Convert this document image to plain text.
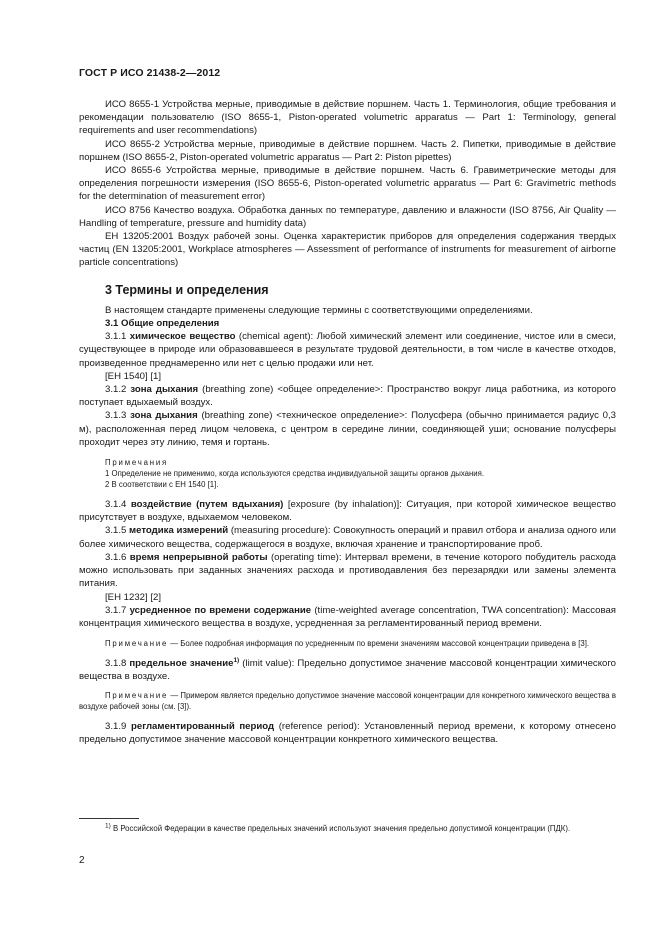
ГОСТ Р ИСО 21438-2—2012

ИСО 8655-1 Устройства мерные, приводимые в действие поршнем. Часть 1. Терминология, общие требования и рекомендации пользователю (ISO 8655-1, Piston-operated volumetric apparatus — Part 1: Terminology, general requirements and user recommendations)

ИСО 8655-2 Устройства мерные, приводимые в действие поршнем. Часть 2. Пипетки, приводимые в действие поршнем (ISO 8655-2, Piston-operated volumetric apparatus — Part 2: Piston pipettes)

ИСО 8655-6 Устройства мерные, приводимые в действие поршнем. Часть 6. Гравиметрические методы для определения погрешности измерения (ISO 8655-6, Piston-operated volumetric apparatus — Part 6: Gravimetric methods for the determination of measurement error)

ИСО 8756 Качество воздуха. Обработка данных по температуре, давлению и влажности (ISO 8756, Air Quality — Handling of temperature, pressure and humidity data)

ЕН 13205:2001 Воздух рабочей зоны. Оценка характеристик приборов для определения содержания твердых частиц (EN 13205:2001, Workplace atmospheres — Assessment of performance of instruments for measurement of airborne particle concentrations)

3 Термины и определения

В настоящем стандарте применены следующие термины с соответствующими определениями.

3.1 Общие определения

3.1.1 химическое вещество (chemical agent): Любой химический элемент или соединение, чистое или в смеси, существующее в природе или образовавшееся в результате трудовой деятельности, в том числе в качестве отходов, произведенное преднамеренно или нет с целью продажи или нет.

[ЕН 1540] [1]

3.1.2 зона дыхания (breathing zone) <общее определение>: Пространство вокруг лица работника, из которого поступает вдыхаемый воздух.

3.1.3 зона дыхания (breathing zone) <техническое определение>: Полусфера (обычно принимается радиус 0,3 м), расположенная перед лицом человека, с центром в середине линии, соединяющей уши; основание полусферы проходит через эту линию, темя и гортань.

Примечания

1 Определение не применимо, когда используются средства индивидуальной защиты органов дыхания.

2 В соответствии с ЕН 1540 [1].

3.1.4 воздействие (путем вдыхания) [exposure (by inhalation)]: Ситуация, при которой химическое вещество присутствует в воздухе, вдыхаемом человеком.

3.1.5 методика измерений (measuring procedure): Совокупность операций и правил отбора и анализа одного или более химического вещества, содержащегося в воздухе, включая хранение и транспортирование проб.

3.1.6 время непрерывной работы (operating time): Интервал времени, в течение которого побудитель расхода можно использовать при заданных значениях расхода и противодавления без перезарядки или замены элемента питания.

[ЕН 1232] [2]

3.1.7 усредненное по времени содержание (time-weighted average concentration, TWA concentration): Массовая концентрация химического вещества в воздухе, усредненная за регламентированный период времени.

Примечание — Более подробная информация по усредненным по времени значениям массовой концентрации приведена в [3].

3.1.8 предельное значение$^{1)}$ (limit value): Предельно допустимое значение массовой концентрации химического вещества в воздухе.

Примечание — Примером является предельно допустимое значение массовой концентрации для конкретного химического вещества в воздухе рабочей зоны (см. [3]).

3.1.9 регламентированный период (reference period): Установленный период времени, к которому отнесено предельно допустимое значение массовой концентрации конкретного химического вещества.

$^{1)}$ В Российской Федерации в качестве предельных значений используют значения предельно допустимой концентрации (ПДК).
2
